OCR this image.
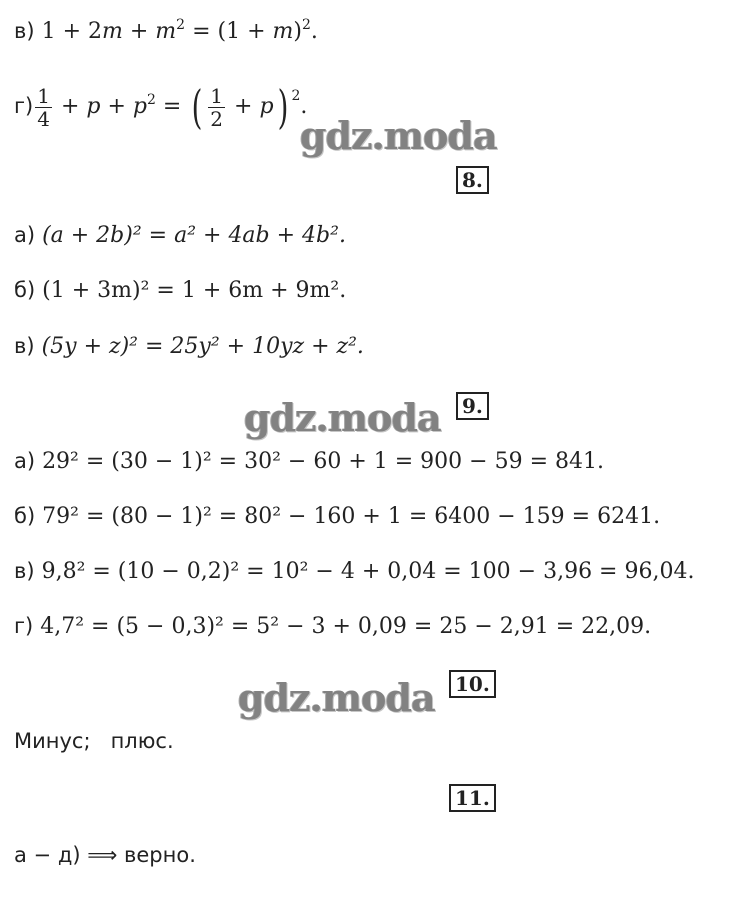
в) $1 + 2m + m^2 = (1 + m)^2$.
$г) \frac{1}{4} + p + p^2$ = ( $\frac{1}{2} + p$) 2.
gdz.moda
8.
а) (a + 2b)² = a² + 4ab + 4b².
б) (1 + 3m)² = 1 + 6m + 9m².
в) (5y + z)² = 25y² + 10yz + z².
gdz.moda	9.
а) 29² = (30 − 1)² = 30² − 60 + 1 = 900 − 59 = 841.
б) 79² = (80 − 1)² = 80² − 160 + 1 = 6400 − 159 = 6241.
в) 9,8² = (10 − 0,2)² = 10² − 4 + 0,04 = 100 − 3,96 = 96,04.
г) 4,7² = (5 − 0,3)² = 5² − 3 + 0,09 = 25 − 2,91 = 22,09.
gdz.moda	10.
Минус;   плюс.
11.
а − д) ⟹ верно.
